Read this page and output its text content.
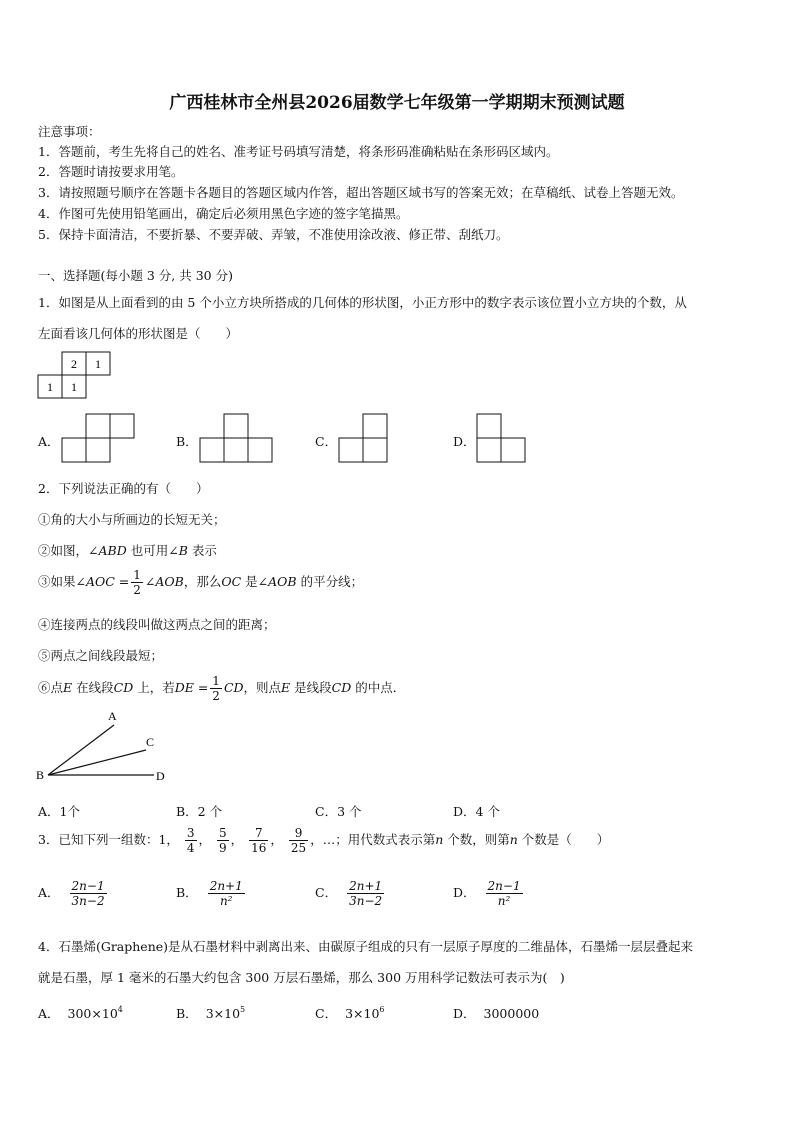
广西桂林市全州县2026届数学七年级第一学期期末预测试题
注意事项：
1．答题前，考生先将自己的姓名、准考证号码填写清楚，将条形码准确粘贴在条形码区域内。
2．答题时请按要求用笔。
3．请按照题号顺序在答题卡各题目的答题区域内作答，超出答题区域书写的答案无效；在草稿纸、试卷上答题无效。
4．作图可先使用铅笔画出，确定后必须用黑色字迹的签字笔描黑。
5．保持卡面清洁，不要折暴、不要弄破、弄皱，不准使用涂改液、修正带、刮纸刀。
一、选择题(每小题 3 分, 共 30 分)
1．如图是从上面看到的由 5 个小立方块所搭成的几何体的形状图，小正方形中的数字表示该位置小立方块的个数，从
左面看该几何体的形状图是（　　）
2 1
1 1
A．	B．	C．	D．
2．下列说法正确的有（　　）
①角的大小与所画边的长短无关；
②如图，∠ABD 也可用∠B 表示
③如果∠AOC = $\frac{1}{2}$ ∠AOB，那么OC 是∠AOB 的平分线；
④连接两点的线段叫做这两点之间的距离；
⑤两点之间线段最短；
⑥点E 在线段CD 上，若DE = $\frac{1}{2}$ CD，则点E 是线段CD 的中点．
A
C
B	D
A．1个	B．2 个	C．3 个	D．4 个
3．已知下列一组数：1， $\frac{3}{4}$ ， $\frac{5}{9}$ ， $\frac{7}{16}$ ， $\frac{9}{25}$ ，…；用代数式表示第n 个数，则第n 个数是（　　）
A． $\frac{2n-1}{3n-2}$	B． $\frac{2n+1}{\text{n²}}$	C． $\frac{2n+1}{3n-2}$	D． $\frac{2n-1}{\text{n²}}$
4．石墨烯(Graphene)是从石墨材料中剥离出来、由碳原子组成的只有一层原子厚度的二维晶体，石墨烯一层层叠起来
就是石墨，厚 1 毫米的石墨大约包含 300 万层石墨烯，那么 300 万用科学记数法可表示为(　)
A． $300\times 10^4$	B． $3\times 10^5$	C． $3\times 10^6$	D． 3000000
